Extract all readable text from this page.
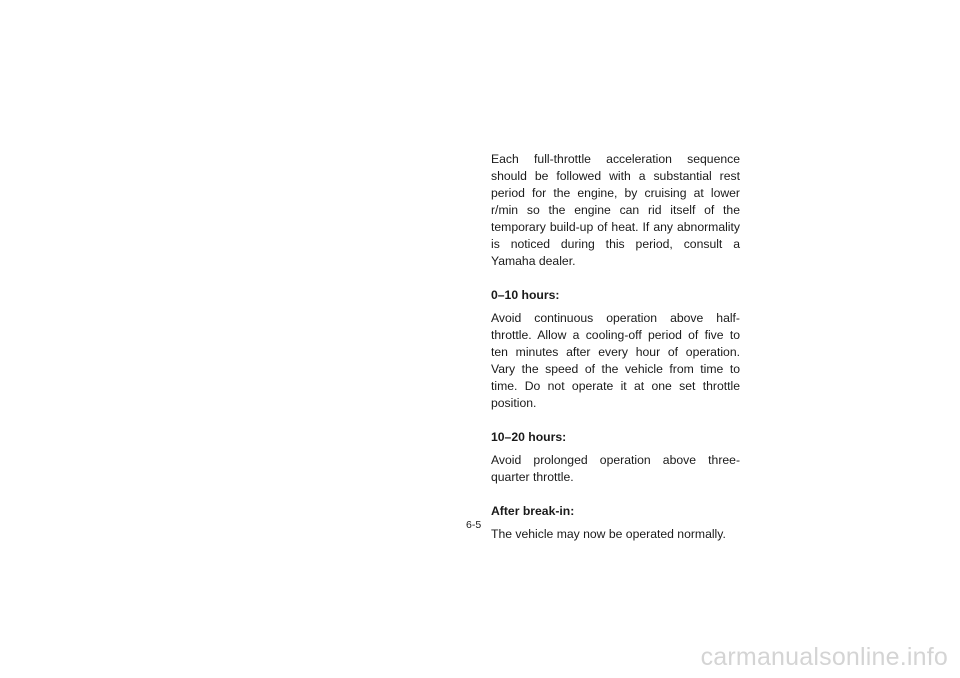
Each full-throttle acceleration sequence should be followed with a substantial rest period for the engine, by cruising at lower r/min so the engine can rid itself of the temporary build-up of heat. If any abnormality is noticed during this period, consult a Yamaha dealer.

0–10 hours:

Avoid continuous operation above half-throttle. Allow a cooling-off period of five to ten minutes after every hour of operation. Vary the speed of the vehicle from time to time. Do not operate it at one set throttle position.

10–20 hours:

Avoid prolonged operation above three-quarter throttle.

After break-in:

The vehicle may now be operated normally.

6-5
carmanualsonline.info
